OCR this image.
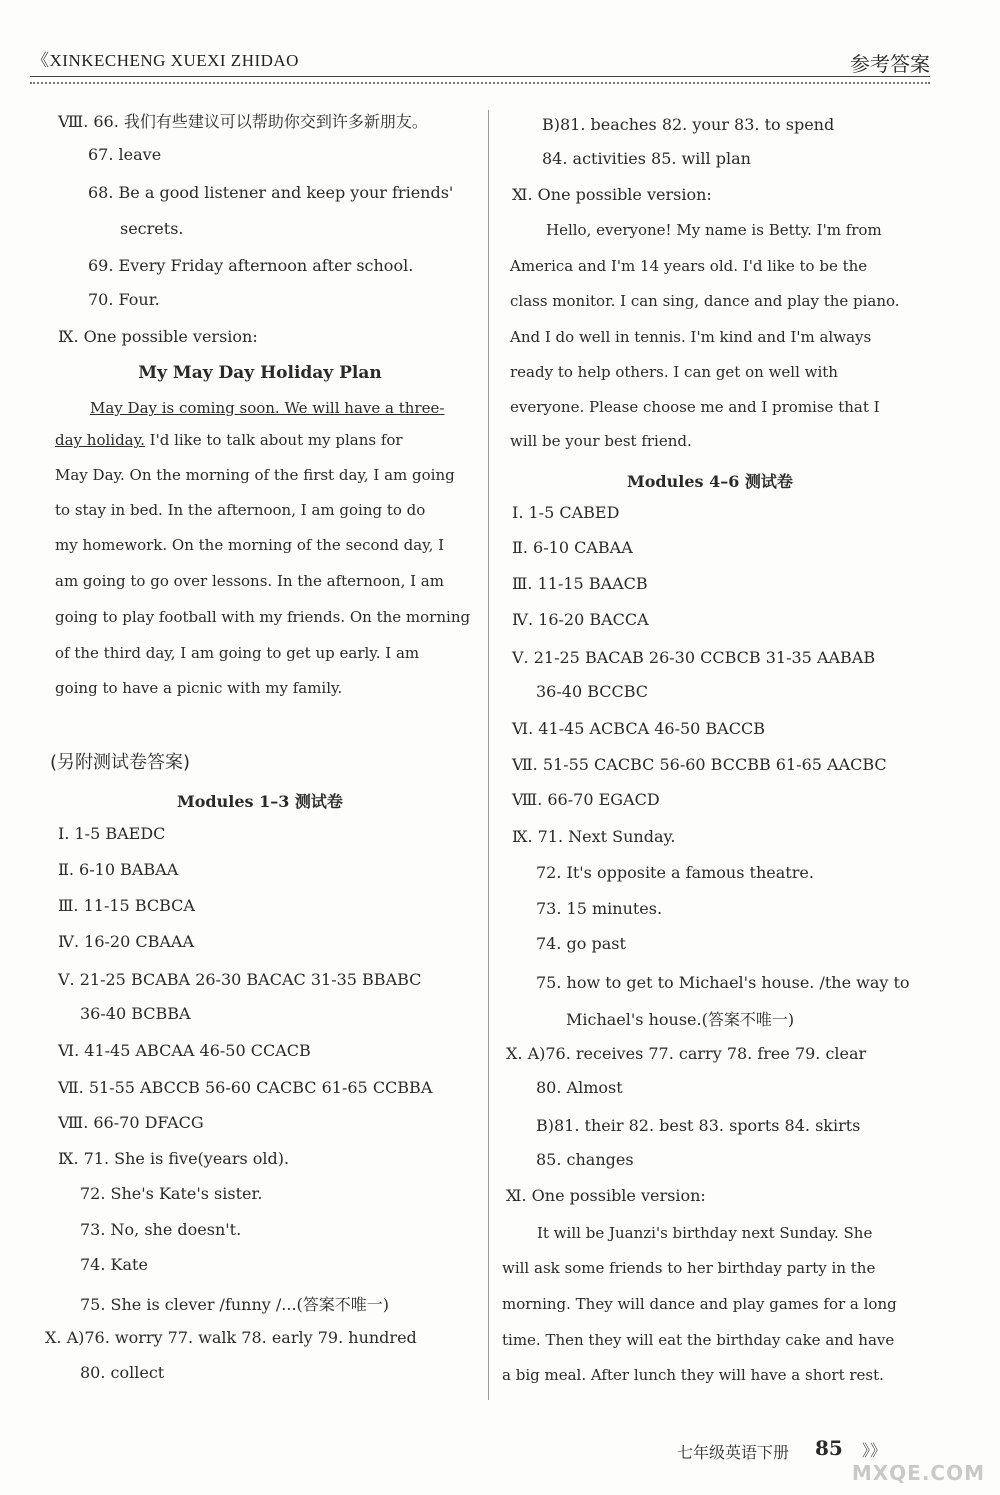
《XINKECHENG XUEXI ZHIDAO	参考答案
Ⅷ. 66. 我们有些建议可以帮助你交到许多新朋友。
67. leave
68. Be a good listener and keep your friends'
secrets.
69. Every Friday afternoon after school.
70. Four.
Ⅸ. One possible version:
My May Day Holiday Plan
May Day is coming soon. We will have a three-
day holiday. I'd like to talk about my plans for
May Day. On the morning of the first day, I am going
to stay in bed. In the afternoon, I am going to do
my homework. On the morning of the second day, I
am going to go over lessons. In the afternoon, I am
going to play football with my friends. On the morning
of the third day, I am going to get up early. I am
going to have a picnic with my family.
(另附测试卷答案)
Modules 1–3 测试卷
Ⅰ. 1-5 BAEDC
Ⅱ. 6-10 BABAA
Ⅲ. 11-15 BCBCA
Ⅳ. 16-20 CBAAA
Ⅴ. 21-25 BCABA 26-30 BACAC 31-35 BBABC
36-40 BCBBA
Ⅵ. 41-45 ABCAA 46-50 CCACB
Ⅶ. 51-55 ABCCB 56-60 CACBC 61-65 CCBBA
Ⅷ. 66-70 DFACG
Ⅸ. 71. She is five(years old).
72. She's Kate's sister.
73. No, she doesn't.
74. Kate
75. She is clever /funny /...(答案不唯一)
Ⅹ. A)76. worry 77. walk 78. early 79. hundred
80. collect
B)81. beaches 82. your 83. to spend
84. activities 85. will plan
Ⅺ. One possible version:
Hello, everyone! My name is Betty. I'm from
America and I'm 14 years old. I'd like to be the
class monitor. I can sing, dance and play the piano.
And I do well in tennis. I'm kind and I'm always
ready to help others. I can get on well with
everyone. Please choose me and I promise that I
will be your best friend.
Modules 4–6 测试卷
Ⅰ. 1-5 CABED
Ⅱ. 6-10 CABAA
Ⅲ. 11-15 BAACB
Ⅳ. 16-20 BACCA
Ⅴ. 21-25 BACAB 26-30 CCBCB 31-35 AABAB
36-40 BCCBC
Ⅵ. 41-45 ACBCA 46-50 BACCB
Ⅶ. 51-55 CACBC 56-60 BCCBB 61-65 AACBC
Ⅷ. 66-70 EGACD
Ⅸ. 71. Next Sunday.
72. It's opposite a famous theatre.
73. 15 minutes.
74. go past
75. how to get to Michael's house. /the way to
Michael's house.(答案不唯一)
Ⅹ. A)76. receives 77. carry 78. free 79. clear
80. Almost
B)81. their 82. best 83. sports 84. skirts
85. changes
Ⅺ. One possible version:
It will be Juanzi's birthday next Sunday. She
will ask some friends to her birthday party in the
morning. They will dance and play games for a long
time. Then they will eat the birthday cake and have
a big meal. After lunch they will have a short rest.
七年级英语下册 85 》》
MXQE.COM
